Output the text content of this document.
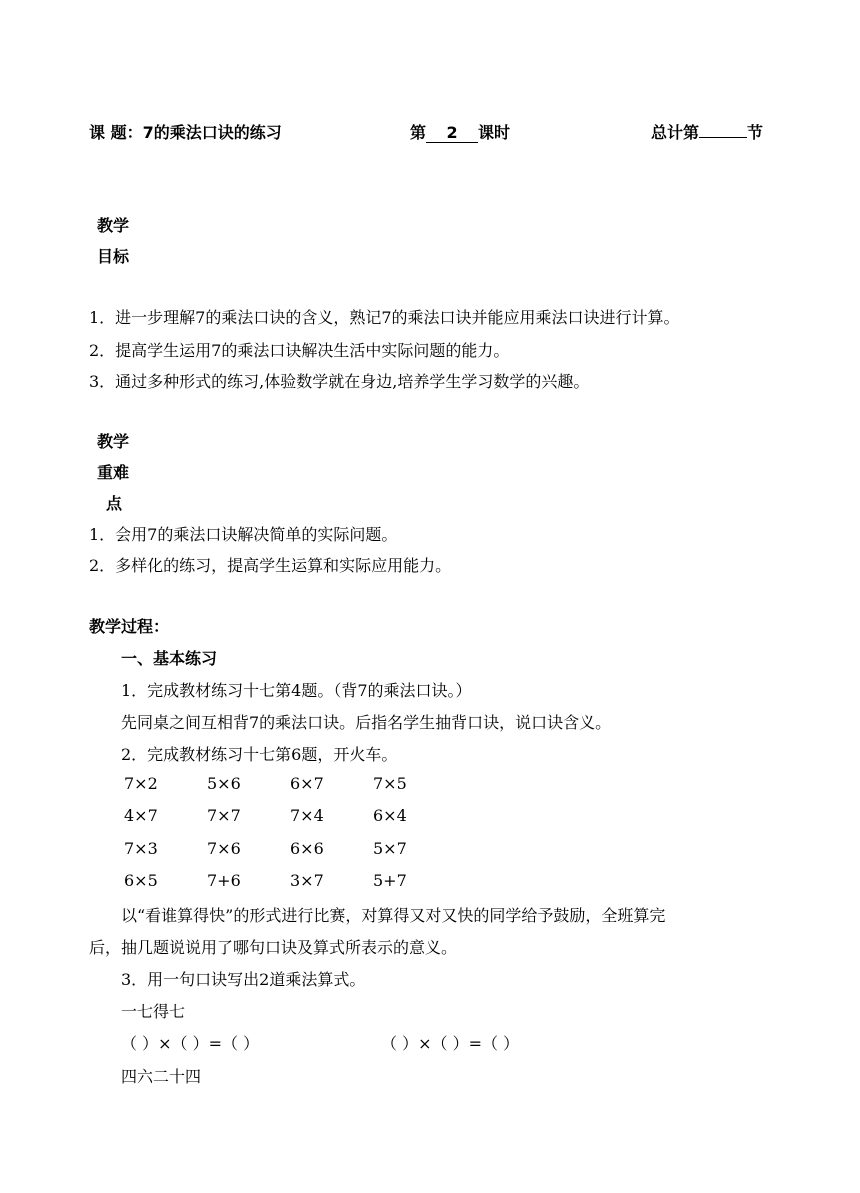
课 题：7的乘法口诀的练习	第 2 课时	总计第	节
教学
目标
1．进一步理解7的乘法口诀的含义，熟记7的乘法口诀并能应用乘法口诀进行计算。
2．提高学生运用7的乘法口诀解决生活中实际问题的能力。
3．通过多种形式的练习,体验数学就在身边,培养学生学习数学的兴趣。
教学
重难
点
1．会用7的乘法口诀解决简单的实际问题。
2．多样化的练习，提高学生运算和实际应用能力。
教学过程：
一、基本练习
1．完成教材练习十七第4题。（背7的乘法口诀。）
先同桌之间互相背7的乘法口诀。后指名学生抽背口诀，说口诀含义。
2．完成教材练习十七第6题，开火车。
7×2	5×6	6×7	7×5
4×7	7×7	7×4	6×4
7×3	7×6	6×6	5×7
6×5	7+6	3×7	5+7
以“看谁算得快”的形式进行比赛，对算得又对又快的同学给予鼓励，全班算完
后，抽几题说说用了哪句口诀及算式所表示的意义。
3．用一句口诀写出2道乘法算式。
一七得七
（ ）×（ ）=（ ）	（ ）×（ ）=（ ）
四六二十四
